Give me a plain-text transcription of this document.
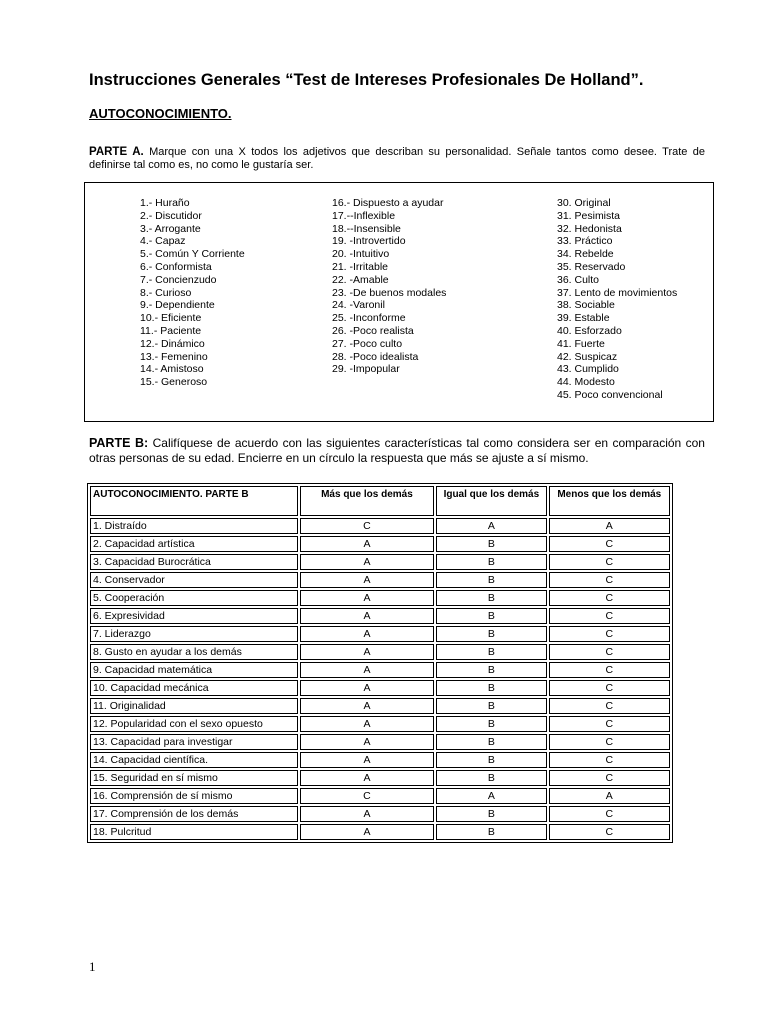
Instrucciones Generales “Test de Intereses Profesionales De Holland”.
AUTOCONOCIMIENTO.
PARTE A. Marque con una X todos los adjetivos que describan su personalidad. Señale tantos como desee. Trate de definirse tal como es, no como le gustaría ser.
1.- Huraño
2.- Discutidor
3.- Arrogante
4.- Capaz
5.- Común Y Corriente
6.- Conformista
7.- Concienzudo
8.- Curioso
9.- Dependiente
10.- Eficiente
11.- Paciente
12.- Dinámico
13.- Femenino
14.- Amistoso
15.- Generoso
16.- Dispuesto a ayudar
17.--Inflexible
18.--Insensible
19. -Introvertido
20. -Intuitivo
21. -Irritable
22. -Amable
23. -De buenos modales
24. -Varonil
25. -Inconforme
26. -Poco realista
27. -Poco culto
28. -Poco idealista
29. -Impopular
30. Original
31. Pesimista
32. Hedonista
33. Práctico
34. Rebelde
35. Reservado
36. Culto
37. Lento de movimientos
38. Sociable
39. Estable
40. Esforzado
41. Fuerte
42. Suspicaz
43. Cumplido
44. Modesto
45. Poco convencional
PARTE B: Califíquese de acuerdo con las siguientes características tal como considera ser en comparación con otras personas de su edad. Encierre en un círculo la respuesta que más se ajuste a sí mismo.
AUTOCONOCIMIENTO. PARTE B	Más que los demás	Igual que los demás	Menos que los demás
1. Distraído	C	A	A
2. Capacidad artística	A	B	C
3. Capacidad Burocrática	A	B	C
4. Conservador	A	B	C
5. Cooperación	A	B	C
6. Expresividad	A	B	C
7. Liderazgo	A	B	C
8. Gusto en ayudar a los demás	A	B	C
9. Capacidad matemática	A	B	C
10. Capacidad mecánica	A	B	C
11. Originalidad	A	B	C
12. Popularidad con el sexo opuesto	A	B	C
13. Capacidad para investigar	A	B	C
14. Capacidad científica.	A	B	C
15. Seguridad en sí mismo	A	B	C
16. Comprensión de sí mismo	C	A	A
17. Comprensión de los demás	A	B	C
18. Pulcritud	A	B	C
1
